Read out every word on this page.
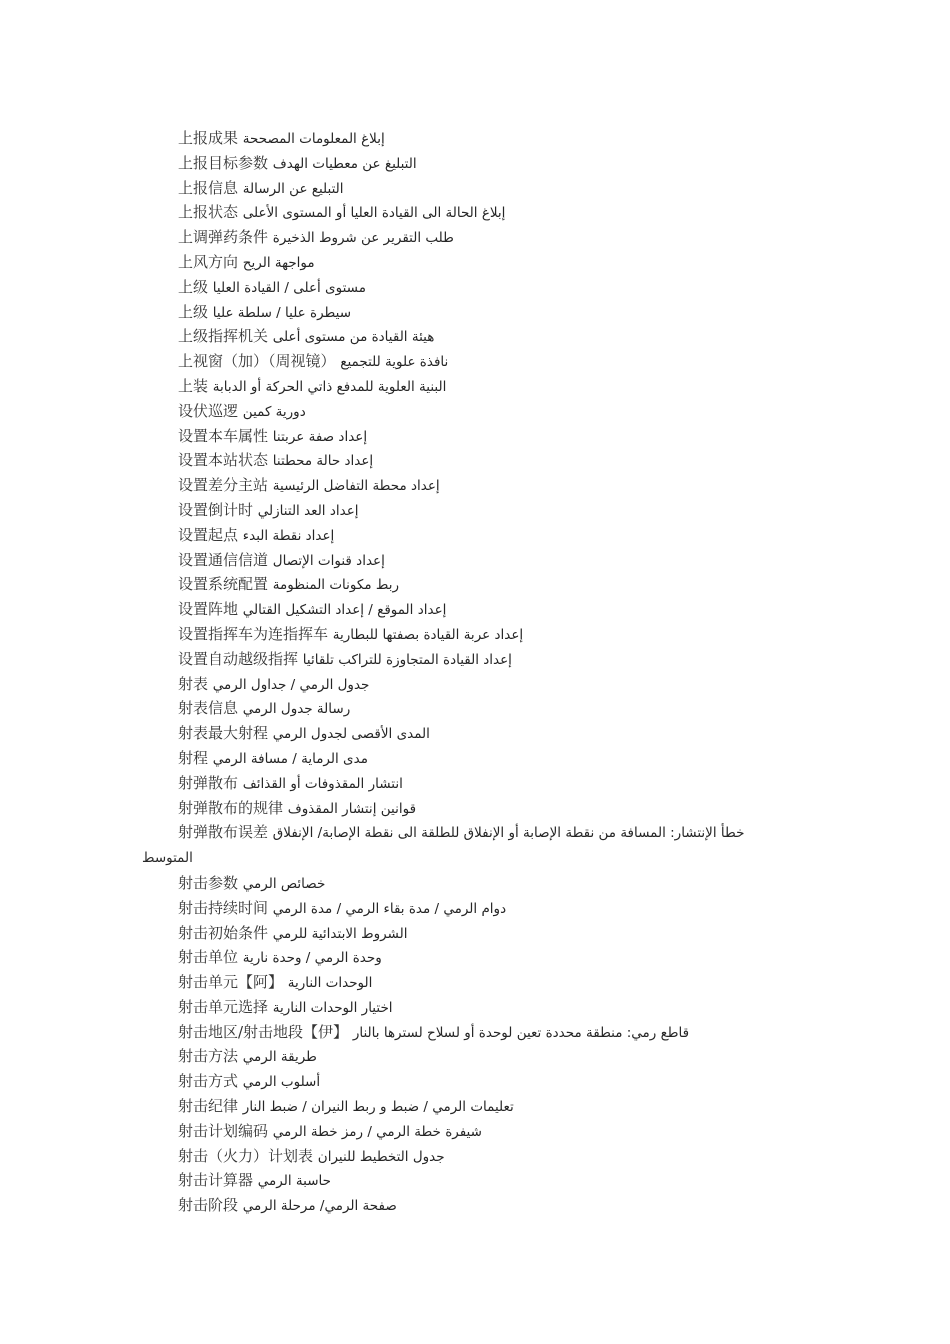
上报成果 إبلاغ المعلومات المصححة
上报目标参数 التبليغ عن معطيات الهدف
上报信息 التبليع عن الرسالة
上报状态 إبلاغ الحالة الى القيادة العليا أو المستوى الأعلى
上调弹药条件 طلب التقرير عن شروط الذخيرة
上风方向 مواجهة الريح
上级 مستوى أعلى / القيادة العليا
上级 سيطرة عليا / سلطة عليا
上级指挥机关 هيئة القيادة من مستوى أعلى
上视窗（加）（周视镜） نافذة علوية للتجميع
上装 البنية العلوية للمدفع ذاتي الحركة أو الدبابة
设伏巡逻 دورية كمين
设置本车属性 إعداد صفة عربتنا
设置本站状态 إعداد حالة محطتنا
设置差分主站 إعداد محطة التفاضل الرئيسية
设置倒计时 إعداد العد التنازلي
设置起点 إعداد نقطة البدء
设置通信信道 إعداد قنوات الإتصال
设置系统配置 ربط مكونات المنظومة
设置阵地 إعداد الموقع / إعداد التشكيل القتالي
设置指挥车为连指挥车 إعداد عربة القيادة بصفتها للبطارية
设置自动越级指挥 إعداد القيادة المتجاوزة للتراكب تلقائيا
射表 جدول الرمي / جداول الرمي
射表信息 رسالة جدول الرمي
射表最大射程 المدى الأقصى لجدول الرمي
射程 مدى الرماية / مسافة الرمي
射弹散布 انتشار المقذوفات أو القذائف
射弹散布的规律 قوانين إنتشار المقذوف
射弹散布误差 خطأ الإنتشار: المسافة من نقطة الإصابة أو الإنفلاق للطلقة الى نقطة الإصابة/ الإنفلاق
المتوسط
射击参数 خصائص الرمي
射击持续时间 دوام الرمي / مدة بقاء الرمي / مدة الرمي
射击初始条件 الشروط الابتدائية للرمي
射击单位 وحدة الرمي / وحدة نارية
射击单元【阿】 الوحدات النارية
射击单元选择 اختيار الوحدات النارية
射击地区/射击地段【伊】 قاطع رمي: منطقة محددة تعين لوحدة أو لسلاح لسترها بالنار
射击方法 طريقة الرمي
射击方式 أسلوب الرمي
射击纪律 تعليمات الرمي / ضبط و ربط النيران / ضبط النار
射击计划编码 شيفرة خطة الرمي / رمز خطة الرمي
射击（火力）计划表 جدول التخطيط للنيران
射击计算器 حاسبة الرمي
射击阶段 صفحة الرمي/ مرحلة الرمي
